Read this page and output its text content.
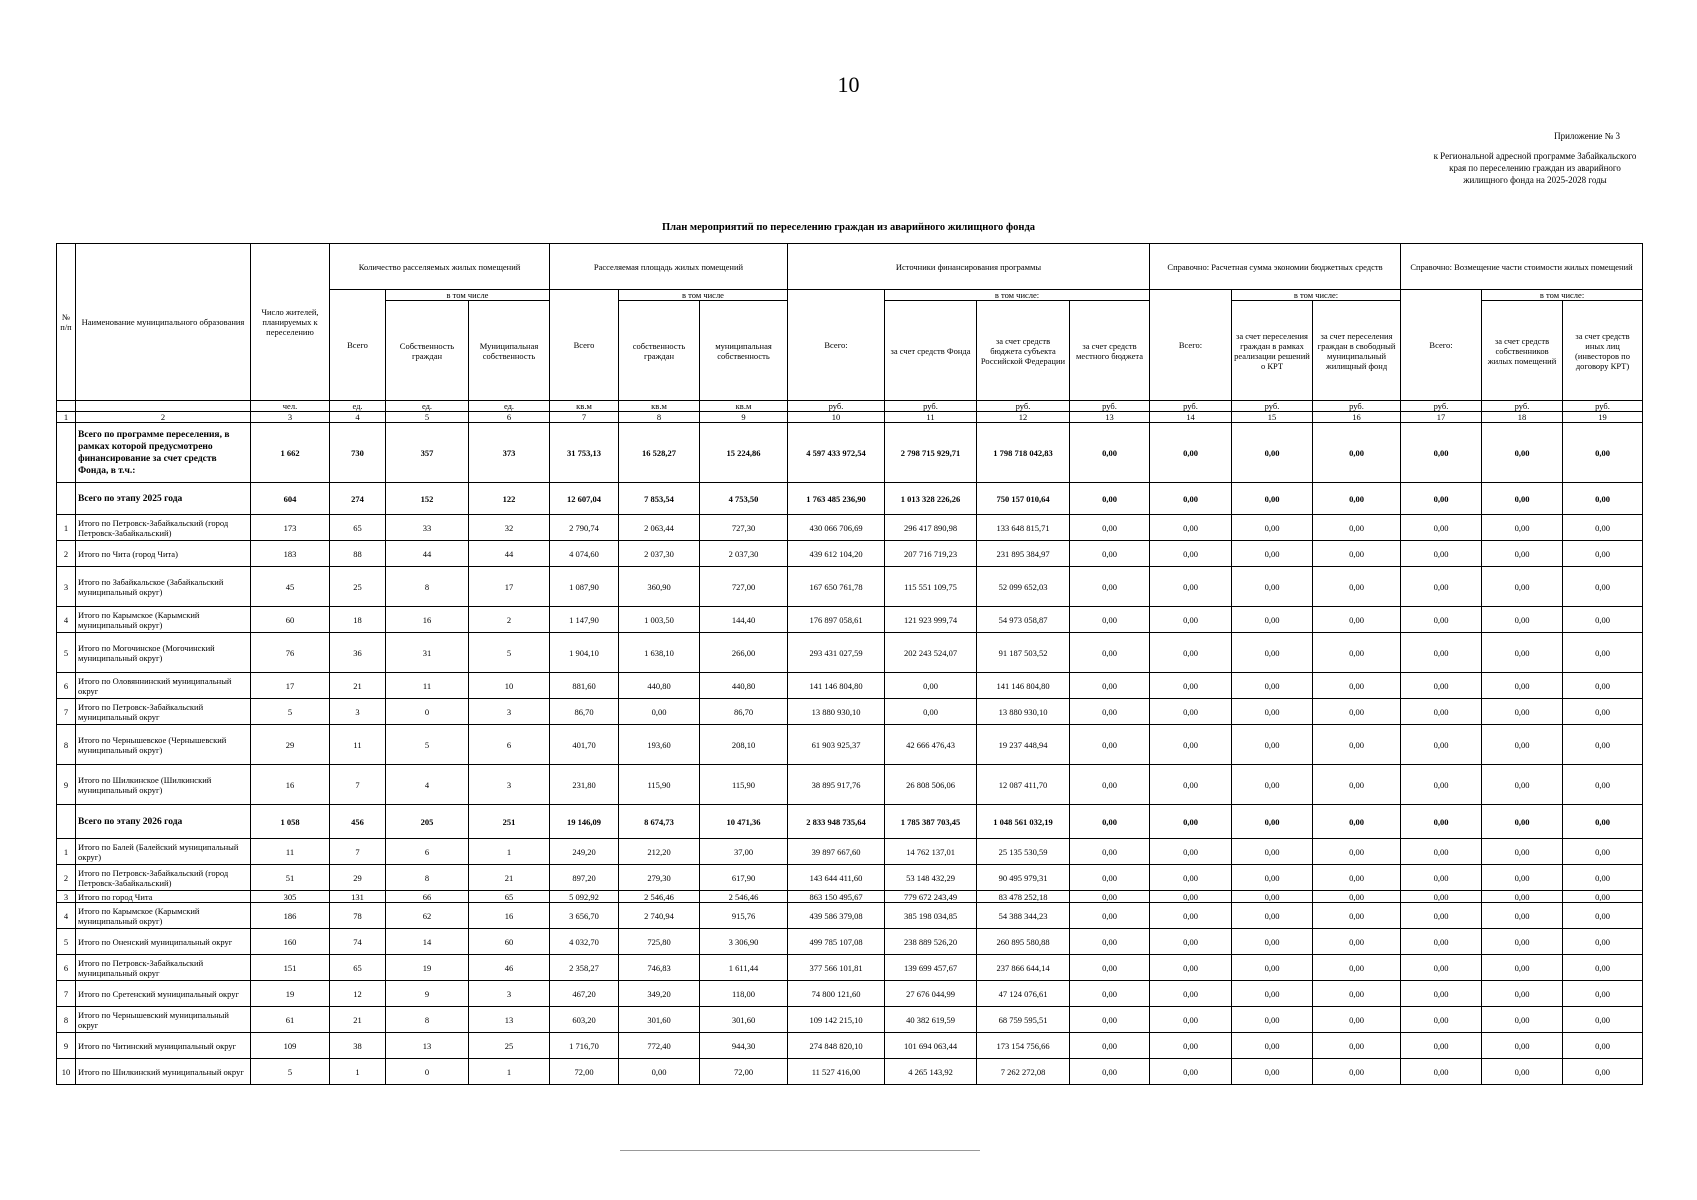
10
Приложение № 3
к Региональной адресной программе Забайкальского
края по переселению граждан из аварийного
жилищного фонда на 2025-2028 годы
План мероприятий по переселению граждан из аварийного жилищного фонда
№ п/п	Наименование муниципального образования	Число жителей, планируемых к переселению	Количество расселяемых жилых помещений			Расселяемая площадь жилых помещений			Источники финансирования программы				Справочно: Расчетная сумма экономии бюджетных средств			Справочно: Возмещение части стоимости жилых помещений		
			Всего	в том числе		Всего	в том числе		Всего:	в том числе:			Всего:	в том числе:		Всего:	в том числе:	
				Собственность граждан	Муниципальная собственность		собственность граждан	муниципальная собственность		за счет средств Фонда	за счет средств бюджета субъекта Российской Федерации	за счет средств местного бюджета		за счет переселения граждан в рамках реализации решений о КРТ	за счет переселения граждан в свободный муниципальный жилищный фонд		за счет средств собственников жилых помещений	за счет средств иных лиц (инвесторов по договору КРТ)
		чел.	ед.	ед.	ед.	кв.м	кв.м	кв.м	руб.	руб.	руб.	руб.	руб.	руб.	руб.	руб.	руб.	руб.
1	2	3	4	5	6	7	8	9	10	11	12	13	14	15	16	17	18	19
	Всего по программе переселения, в рамках которой предусмотрено финансирование за счет средств Фонда, в т.ч.:	1 662	730	357	373	31 753,13	16 528,27	15 224,86	4 597 433 972,54	2 798 715 929,71	1 798 718 042,83	0,00	0,00	0,00	0,00	0,00	0,00	0,00
	Всего по этапу 2025 года	604	274	152	122	12 607,04	7 853,54	4 753,50	1 763 485 236,90	1 013 328 226,26	750 157 010,64	0,00	0,00	0,00	0,00	0,00	0,00	0,00
1	Итого по Петровск-Забайкальский (город Петровск-Забайкальский)	173	65	33	32	2 790,74	2 063,44	727,30	430 066 706,69	296 417 890,98	133 648 815,71	0,00	0,00	0,00	0,00	0,00	0,00	0,00
2	Итого по Чита (город Чита)	183	88	44	44	4 074,60	2 037,30	2 037,30	439 612 104,20	207 716 719,23	231 895 384,97	0,00	0,00	0,00	0,00	0,00	0,00	0,00
3	Итого по Забайкальское (Забайкальский муниципальный округ)	45	25	8	17	1 087,90	360,90	727,00	167 650 761,78	115 551 109,75	52 099 652,03	0,00	0,00	0,00	0,00	0,00	0,00	0,00
4	Итого по Карымское (Карымский муниципальный округ)	60	18	16	2	1 147,90	1 003,50	144,40	176 897 058,61	121 923 999,74	54 973 058,87	0,00	0,00	0,00	0,00	0,00	0,00	0,00
5	Итого по Могочинское (Могочинский муниципальный округ)	76	36	31	5	1 904,10	1 638,10	266,00	293 431 027,59	202 243 524,07	91 187 503,52	0,00	0,00	0,00	0,00	0,00	0,00	0,00
6	Итого по Оловяннинский муниципальный округ	17	21	11	10	881,60	440,80	440,80	141 146 804,80	0,00	141 146 804,80	0,00	0,00	0,00	0,00	0,00	0,00	0,00
7	Итого по Петровск-Забайкальский муниципальный округ	5	3	0	3	86,70	0,00	86,70	13 880 930,10	0,00	13 880 930,10	0,00	0,00	0,00	0,00	0,00	0,00	0,00
8	Итого по Чернышевское (Чернышевский муниципальный округ)	29	11	5	6	401,70	193,60	208,10	61 903 925,37	42 666 476,43	19 237 448,94	0,00	0,00	0,00	0,00	0,00	0,00	0,00
9	Итого по Шилкинское (Шилкинский муниципальный округ)	16	7	4	3	231,80	115,90	115,90	38 895 917,76	26 808 506,06	12 087 411,70	0,00	0,00	0,00	0,00	0,00	0,00	0,00
	Всего по этапу 2026 года	1 058	456	205	251	19 146,09	8 674,73	10 471,36	2 833 948 735,64	1 785 387 703,45	1 048 561 032,19	0,00	0,00	0,00	0,00	0,00	0,00	0,00
1	Итого по Балей (Балейский муниципальный округ)	11	7	6	1	249,20	212,20	37,00	39 897 667,60	14 762 137,01	25 135 530,59	0,00	0,00	0,00	0,00	0,00	0,00	0,00
2	Итого по Петровск-Забайкальский (город Петровск-Забайкальский)	51	29	8	21	897,20	279,30	617,90	143 644 411,60	53 148 432,29	90 495 979,31	0,00	0,00	0,00	0,00	0,00	0,00	0,00
3	Итого по город Чита	305	131	66	65	5 092,92	2 546,46	2 546,46	863 150 495,67	779 672 243,49	83 478 252,18	0,00	0,00	0,00	0,00	0,00	0,00	0,00
4	Итого по Карымское (Карымский муниципальный округ)	186	78	62	16	3 656,70	2 740,94	915,76	439 586 379,08	385 198 034,85	54 388 344,23	0,00	0,00	0,00	0,00	0,00	0,00	0,00
5	Итого по Оненский муниципальный округ	160	74	14	60	4 032,70	725,80	3 306,90	499 785 107,08	238 889 526,20	260 895 580,88	0,00	0,00	0,00	0,00	0,00	0,00	0,00
6	Итого по Петровск-Забайкальский муниципальный округ	151	65	19	46	2 358,27	746,83	1 611,44	377 566 101,81	139 699 457,67	237 866 644,14	0,00	0,00	0,00	0,00	0,00	0,00	0,00
7	Итого по Сретенский муниципальный округ	19	12	9	3	467,20	349,20	118,00	74 800 121,60	27 676 044,99	47 124 076,61	0,00	0,00	0,00	0,00	0,00	0,00	0,00
8	Итого по Чернышевский муниципальный округ	61	21	8	13	603,20	301,60	301,60	109 142 215,10	40 382 619,59	68 759 595,51	0,00	0,00	0,00	0,00	0,00	0,00	0,00
9	Итого по Читинский муниципальный округ	109	38	13	25	1 716,70	772,40	944,30	274 848 820,10	101 694 063,44	173 154 756,66	0,00	0,00	0,00	0,00	0,00	0,00	0,00
10	Итого по Шилкинский муниципальный округ	5	1	0	1	72,00	0,00	72,00	11 527 416,00	4 265 143,92	7 262 272,08	0,00	0,00	0,00	0,00	0,00	0,00	0,00
